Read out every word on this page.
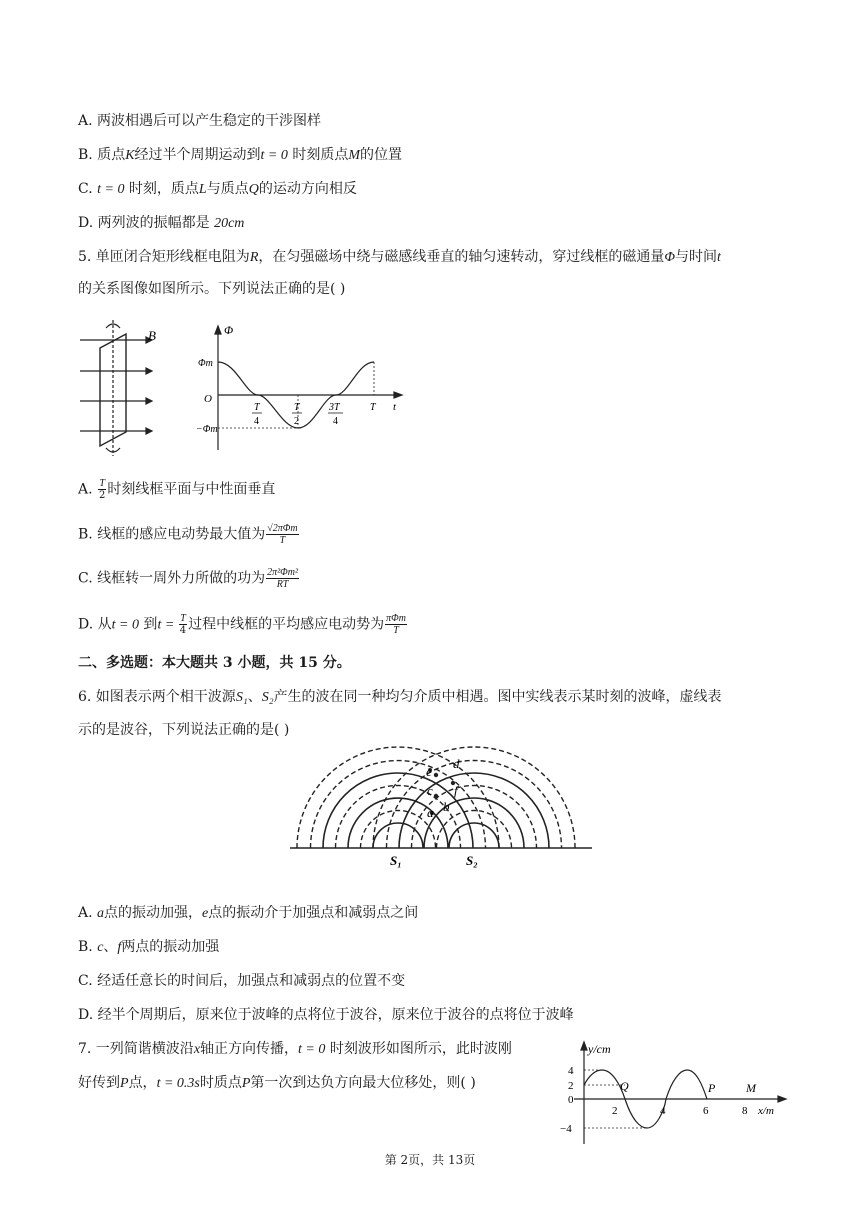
A. 两波相遇后可以产生稳定的干涉图样
B. 质点K经过半个周期运动到t = 0 时刻质点M的位置
C. t = 0 时刻，质点L与质点Q的运动方向相反
D. 两列波的振幅都是 20cm
5. 单匝闭合矩形线框电阻为R，在匀强磁场中绕与磁感线垂直的轴匀速转动，穿过线框的磁通量Φ与时间t
的关系图像如图所示。下列说法正确的是( )
B	Φ
Φm
−Φm
O
t
T
4
T
2
3T
4
T
A. $\frac{T}{2}$ 时刻线框平面与中性面垂直
B. 线框的感应电动势最大值为 $\frac{\text{√2πΦm}}{T}$
C. 线框转一周外力所做的功为 $\frac{\text{2π²Φm²}}{RT}$
D. 从t = 0 到$t = \frac{T}{4}$ 过程中线框的平均感应电动势为 $\frac{\text{πΦm}}{T}$
二、多选题：本大题共 3 小题，共 15 分。
6. 如图表示两个相干波源S₁、S₂产生的波在同一种均匀介质中相遇。图中实线表示某时刻的波峰，虚线表
示的是波谷，下列说法正确的是( )
e
d
f
c
b
a
S₁	S₂
A. a点的振动加强，e点的振动介于加强点和减弱点之间
B. c、f两点的振动加强
C. 经适任意长的时间后，加强点和减弱点的位置不变
D. 经半个周期后，原来位于波峰的点将位于波谷，原来位于波谷的点将位于波峰
7. 一列简谐横波沿x轴正方向传播，t = 0 时刻波形如图所示，此时波刚
好传到P点，t = 0.3s时质点P第一次到达负方向最大位移处，则( )
y/cm
4
2
0
−4
2	4	6	8 x/m
Q	P	M
第 2页，共 13页
